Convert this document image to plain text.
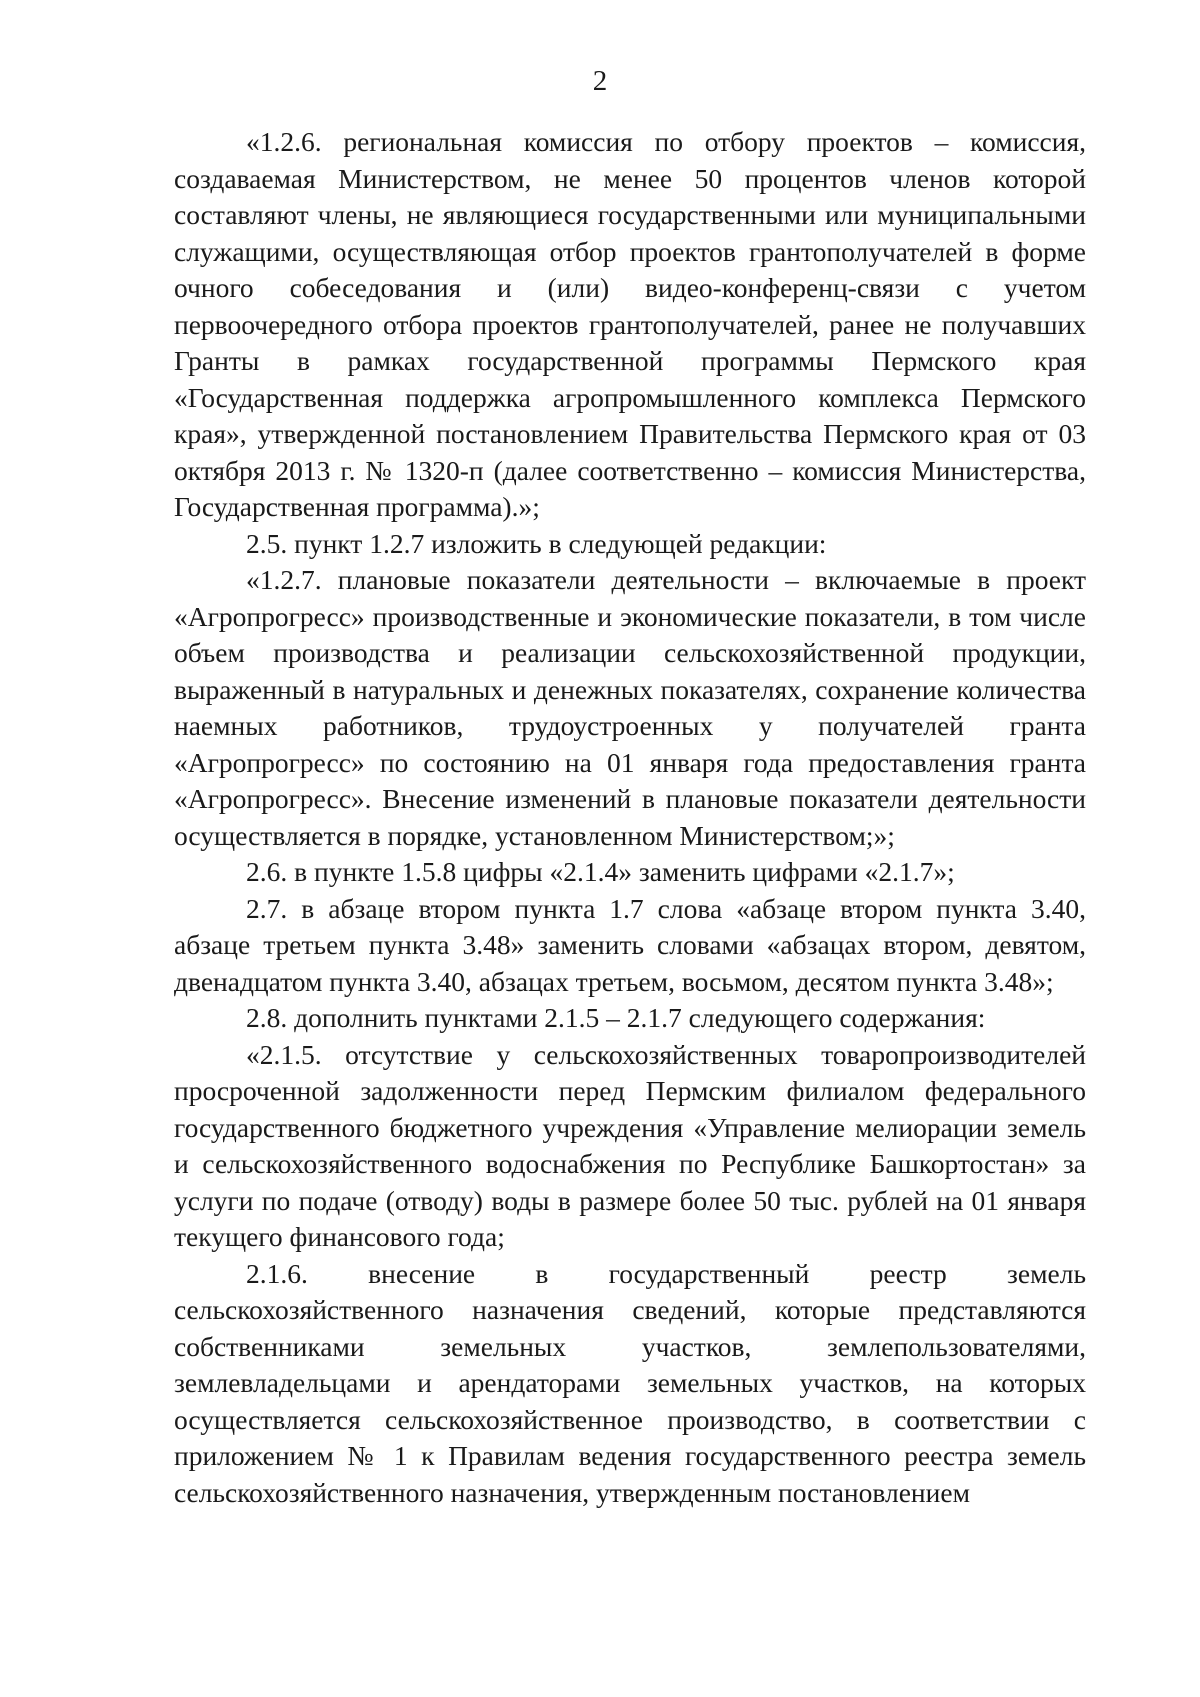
2

«1.2.6. региональная комиссия по отбору проектов – комиссия, создаваемая Министерством, не менее 50 процентов членов которой составляют члены, не являющиеся государственными или муниципальными служащими, осуществляющая отбор проектов грантополучателей в форме очного собеседования и (или) видео-конференц-связи с учетом первоочередного отбора проектов грантополучателей, ранее не получавших Гранты в рамках государственной программы Пермского края «Государственная поддержка агропромышленного комплекса Пермского края», утвержденной постановлением Правительства Пермского края от 03 октября 2013 г. № 1320-п (далее соответственно – комиссия Министерства, Государственная программа).»;

2.5. пункт 1.2.7 изложить в следующей редакции:

«1.2.7. плановые показатели деятельности – включаемые в проект «Агропрогресс» производственные и экономические показатели, в том числе объем производства и реализации сельскохозяйственной продукции, выраженный в натуральных и денежных показателях, сохранение количества наемных работников, трудоустроенных у получателей гранта «Агропрогресс» по состоянию на 01 января года предоставления гранта «Агропрогресс». Внесение изменений в плановые показатели деятельности осуществляется в порядке, установленном Министерством;»;

2.6. в пункте 1.5.8 цифры «2.1.4» заменить цифрами «2.1.7»;

2.7. в абзаце втором пункта 1.7 слова «абзаце втором пункта 3.40, абзаце третьем пункта 3.48» заменить словами «абзацах втором, девятом, двенадцатом пункта 3.40, абзацах третьем, восьмом, десятом пункта 3.48»;

2.8. дополнить пунктами 2.1.5 – 2.1.7 следующего содержания:

«2.1.5. отсутствие у сельскохозяйственных товаропроизводителей просроченной задолженности перед Пермским филиалом федерального государственного бюджетного учреждения «Управление мелиорации земель и сельскохозяйственного водоснабжения по Республике Башкортостан» за услуги по подаче (отводу) воды в размере более 50 тыс. рублей на 01 января текущего финансового года;

2.1.6. внесение в государственный реестр земель сельскохозяйственного назначения сведений, которые представляются собственниками земельных участков, землепользователями, землевладельцами и арендаторами земельных участков, на которых осуществляется сельскохозяйственное производство, в соответствии с приложением № 1 к Правилам ведения государственного реестра земель сельскохозяйственного назначения, утвержденным постановлением
